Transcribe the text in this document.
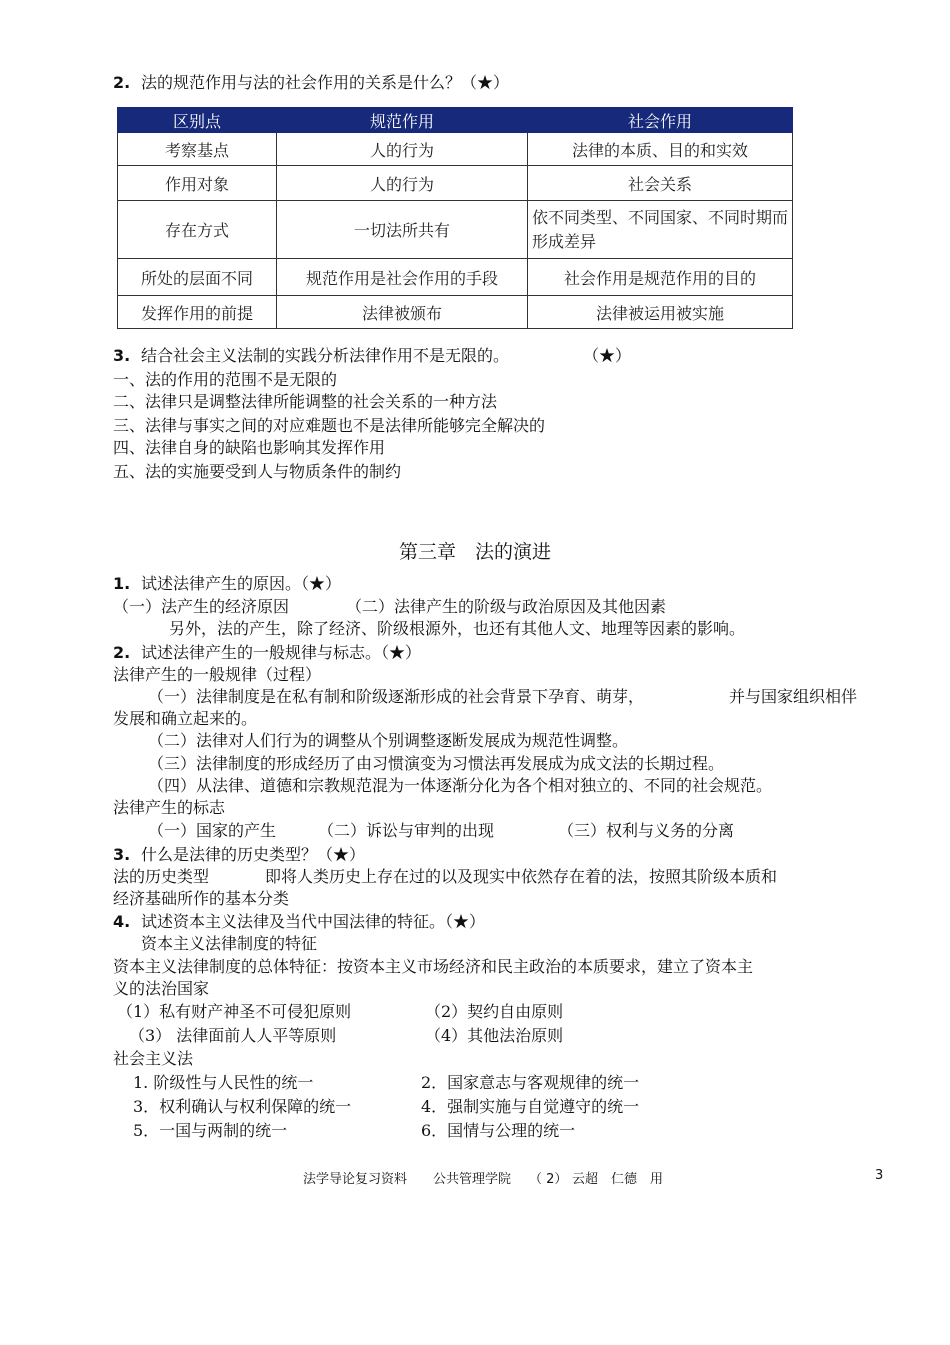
2. 法的规范作用与法的社会作用的关系是什么？（★）
区别点	规范作用	社会作用
考察基点	人的行为	法律的本质、目的和实效
作用对象	人的行为	社会关系
存在方式	一切法所共有	依不同类型、不同国家、不同时期而形成差异
所处的层面不同	规范作用是社会作用的手段	社会作用是规范作用的目的
发挥作用的前提	法律被颁布	法律被运用被实施
3. 结合社会主义法制的实践分析法律作用不是无限的。	（★）
一、法的作用的范围不是无限的
二、法律只是调整法律所能调整的社会关系的一种方法
三、法律与事实之间的对应难题也不是法律所能够完全解决的
四、法律自身的缺陷也影响其发挥作用
五、法的实施要受到人与物质条件的制约
第三章　法的演进
1. 试述法律产生的原因。（★）
（一）法产生的经济原因	（二）法律产生的阶级与政治原因及其他因素
另外，法的产生，除了经济、阶级根源外，也还有其他人文、地理等因素的影响。
2. 试述法律产生的一般规律与标志。（★）
法律产生的一般规律（过程）
（一）法律制度是在私有制和阶级逐渐形成的社会背景下孕育、萌芽，	并与国家组织相伴
发展和确立起来的。
（二）法律对人们行为的调整从个别调整逐断发展成为规范性调整。
（三）法律制度的形成经历了由习惯演变为习惯法再发展成为成文法的长期过程。
（四）从法律、道德和宗教规范混为一体逐渐分化为各个相对独立的、不同的社会规范。
法律产生的标志
（一）国家的产生	（二）诉讼与审判的出现	（三）权利与义务的分离
3. 什么是法律的历史类型？（★）
法的历史类型	即将人类历史上存在过的以及现实中依然存在着的法，按照其阶级本质和
经济基础所作的基本分类
4. 试述资本主义法律及当代中国法律的特征。（★）
资本主义法律制度的特征
资本主义法律制度的总体特征：按资本主义市场经济和民主政治的本质要求，建立了资本主
义的法治国家
（1）私有财产神圣不可侵犯原则	（2）契约自由原则
（3） 法律面前人人平等原则	（4）其他法治原则
社会主义法
1. 阶级性与人民性的统一	2．国家意志与客观规律的统一
3．权利确认与权利保障的统一	4．强制实施与自觉遵守的统一
5．一国与两制的统一	6．国情与公理的统一
法学导论复习资料 公共管理学院 （ 2） 云超　仁德　用	3
